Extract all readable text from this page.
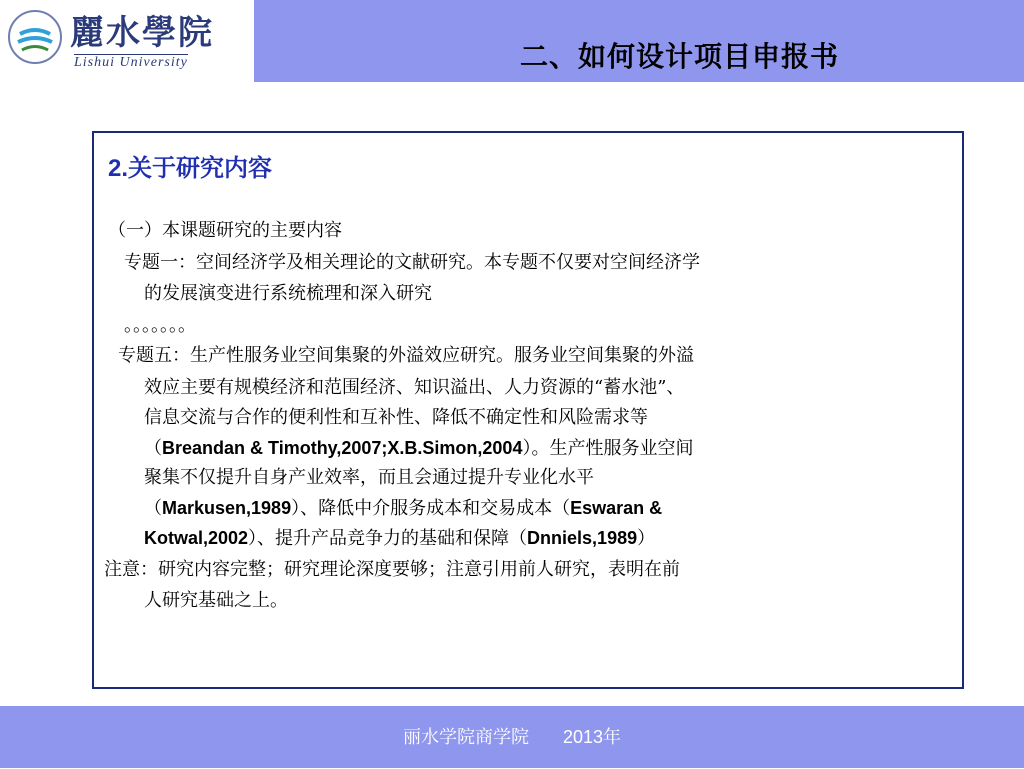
麗水學院
Lishui University	二、如何设计项目申报书
2.关于研究内容
（一）本课题研究的主要内容
专题一：空间经济学及相关理论的文献研究。本专题不仅要对空间经济学
的发展演变进行系统梳理和深入研究
。。。。。。。
专题五：生产性服务业空间集聚的外溢效应研究。服务业空间集聚的外溢
效应主要有规模经济和范围经济、知识溢出、人力资源的“蓄水池”、
信息交流与合作的便利性和互补性、降低不确定性和风险需求等
（Breandan & Timothy,2007;X.B.Simon,2004）。生产性服务业空间
聚集不仅提升自身产业效率，而且会通过提升专业化水平
（Markusen,1989）、降低中介服务成本和交易成本（Eswaran &
Kotwal,2002）、提升产品竞争力的基础和保障（Dnniels,1989）
注意：研究内容完整；研究理论深度要够；注意引用前人研究，表明在前
人研究基础之上。
丽水学院商学院 2013年
